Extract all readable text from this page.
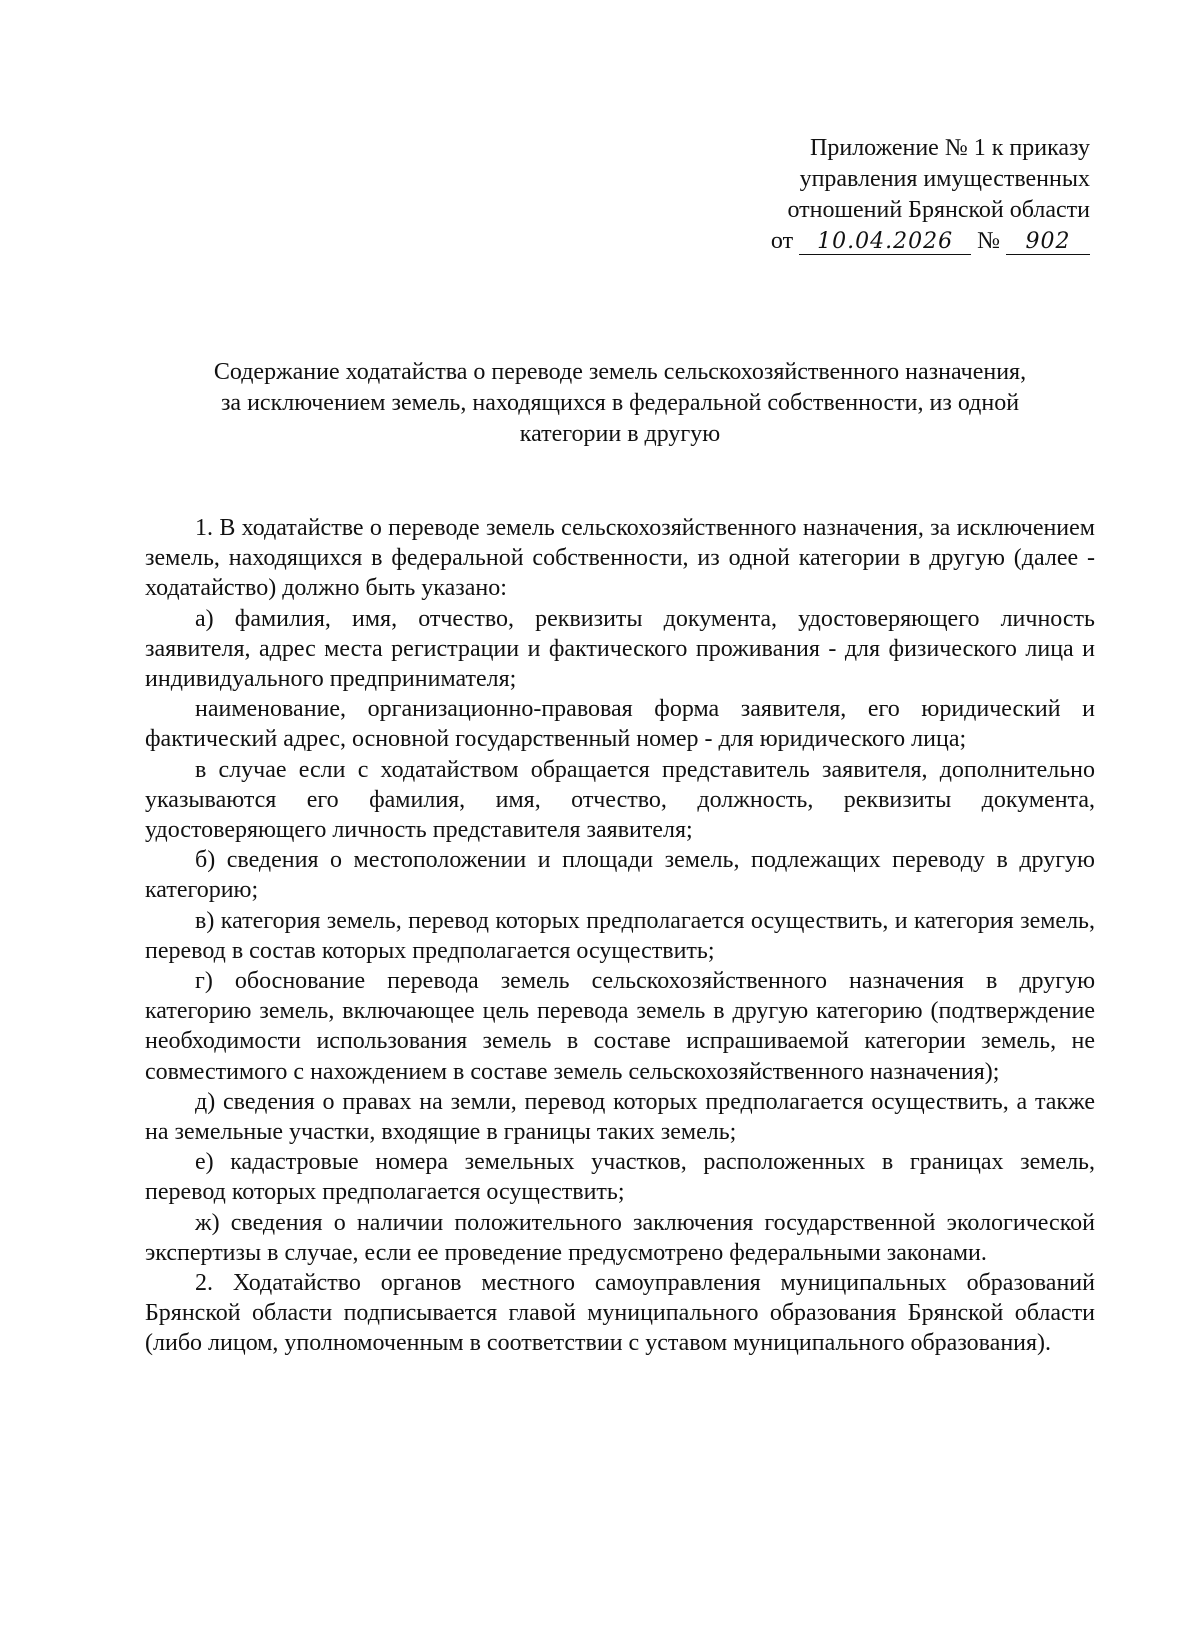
Приложение № 1 к приказу
управления имущественных
отношений Брянской области
от 10.04.2026 № 902
Содержание ходатайства о переводе земель сельскохозяйственного назначения,
за исключением земель, находящихся в федеральной собственности, из одной
категории в другую

1. В ходатайстве о переводе земель сельскохозяйственного назначения, за исключением земель, находящихся в федеральной собственности, из одной категории в другую (далее - ходатайство) должно быть указано:

а) фамилия, имя, отчество, реквизиты документа, удостоверяющего личность заявителя, адрес места регистрации и фактического проживания - для физического лица и индивидуального предпринимателя;

наименование, организационно-правовая форма заявителя, его юридический и фактический адрес, основной государственный номер - для юридического лица;

в случае если с ходатайством обращается представитель заявителя, дополнительно указываются его фамилия, имя, отчество, должность, реквизиты документа, удостоверяющего личность представителя заявителя;

б) сведения о местоположении и площади земель, подлежащих переводу в другую категорию;

в) категория земель, перевод которых предполагается осуществить, и категория земель, перевод в состав которых предполагается осуществить;

г) обоснование перевода земель сельскохозяйственного назначения в другую категорию земель, включающее цель перевода земель в другую категорию (подтверждение необходимости использования земель в составе испрашиваемой категории земель, не совместимого с нахождением в составе земель сельскохозяйственного назначения);

д) сведения о правах на земли, перевод которых предполагается осуществить, а также на земельные участки, входящие в границы таких земель;

е) кадастровые номера земельных участков, расположенных в границах земель, перевод которых предполагается осуществить;

ж) сведения о наличии положительного заключения государственной экологической экспертизы в случае, если ее проведение предусмотрено федеральными законами.

2. Ходатайство органов местного самоуправления муниципальных образований Брянской области подписывается главой муниципального образования Брянской области (либо лицом, уполномоченным в соответствии с уставом муниципального образования).
